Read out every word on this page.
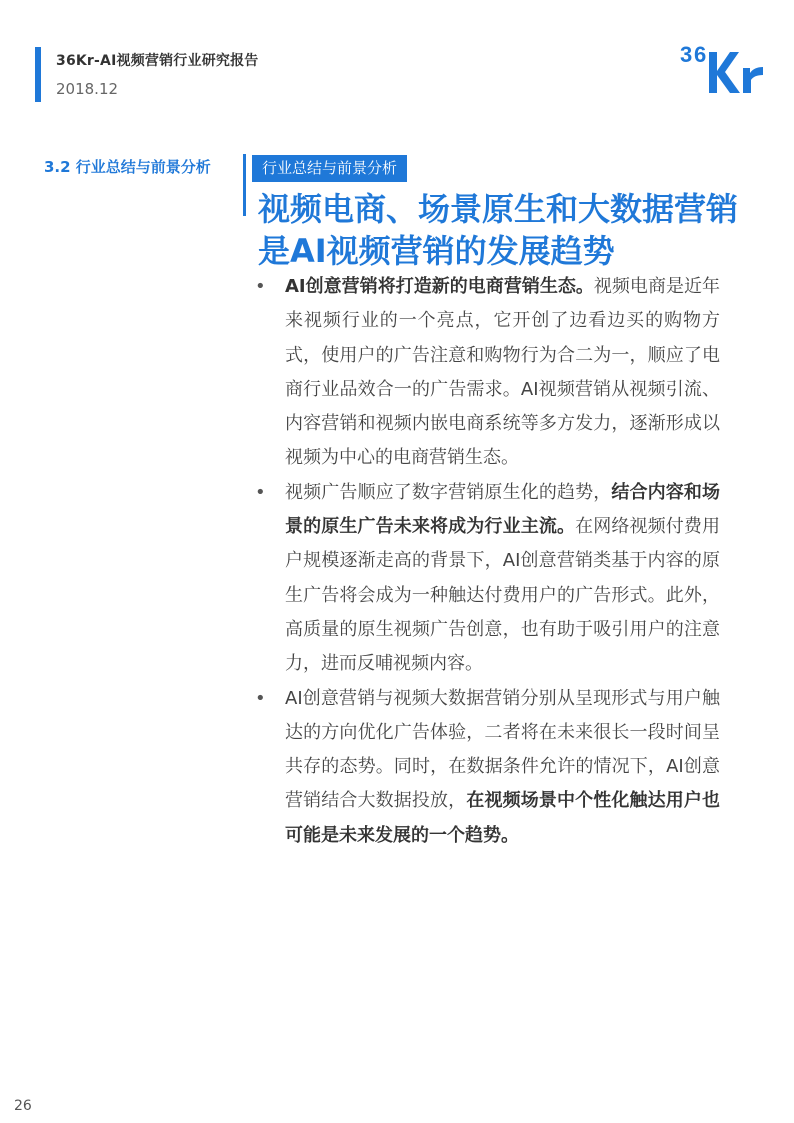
36Kr-AI视频营销行业研究报告
2018.12
3 6
3.2 行业总结与前景分析	行业总结与前景分析
视频电商、场景原生和大数据营销是AI视频营销的发展趋势
• AI创意营销将打造新的电商营销生态。视频电商是近年来视频行业的一个亮点，它开创了边看边买的购物方式，使用户的广告注意和购物行为合二为一，顺应了电商行业品效合一的广告需求。AI视频营销从视频引流、内容营销和视频内嵌电商系统等多方发力，逐渐形成以视频为中心的电商营销生态。
• 视频广告顺应了数字营销原生化的趋势，结合内容和场景的原生广告未来将成为行业主流。在网络视频付费用户规模逐渐走高的背景下，AI创意营销类基于内容的原生广告将会成为一种触达付费用户的广告形式。此外，高质量的原生视频广告创意，也有助于吸引用户的注意力，进而反哺视频内容。
• AI创意营销与视频大数据营销分别从呈现形式与用户触达的方向优化广告体验，二者将在未来很长一段时间呈共存的态势。同时，在数据条件允许的情况下，AI创意营销结合大数据投放，在视频场景中个性化触达用户也可能是未来发展的一个趋势。
26
